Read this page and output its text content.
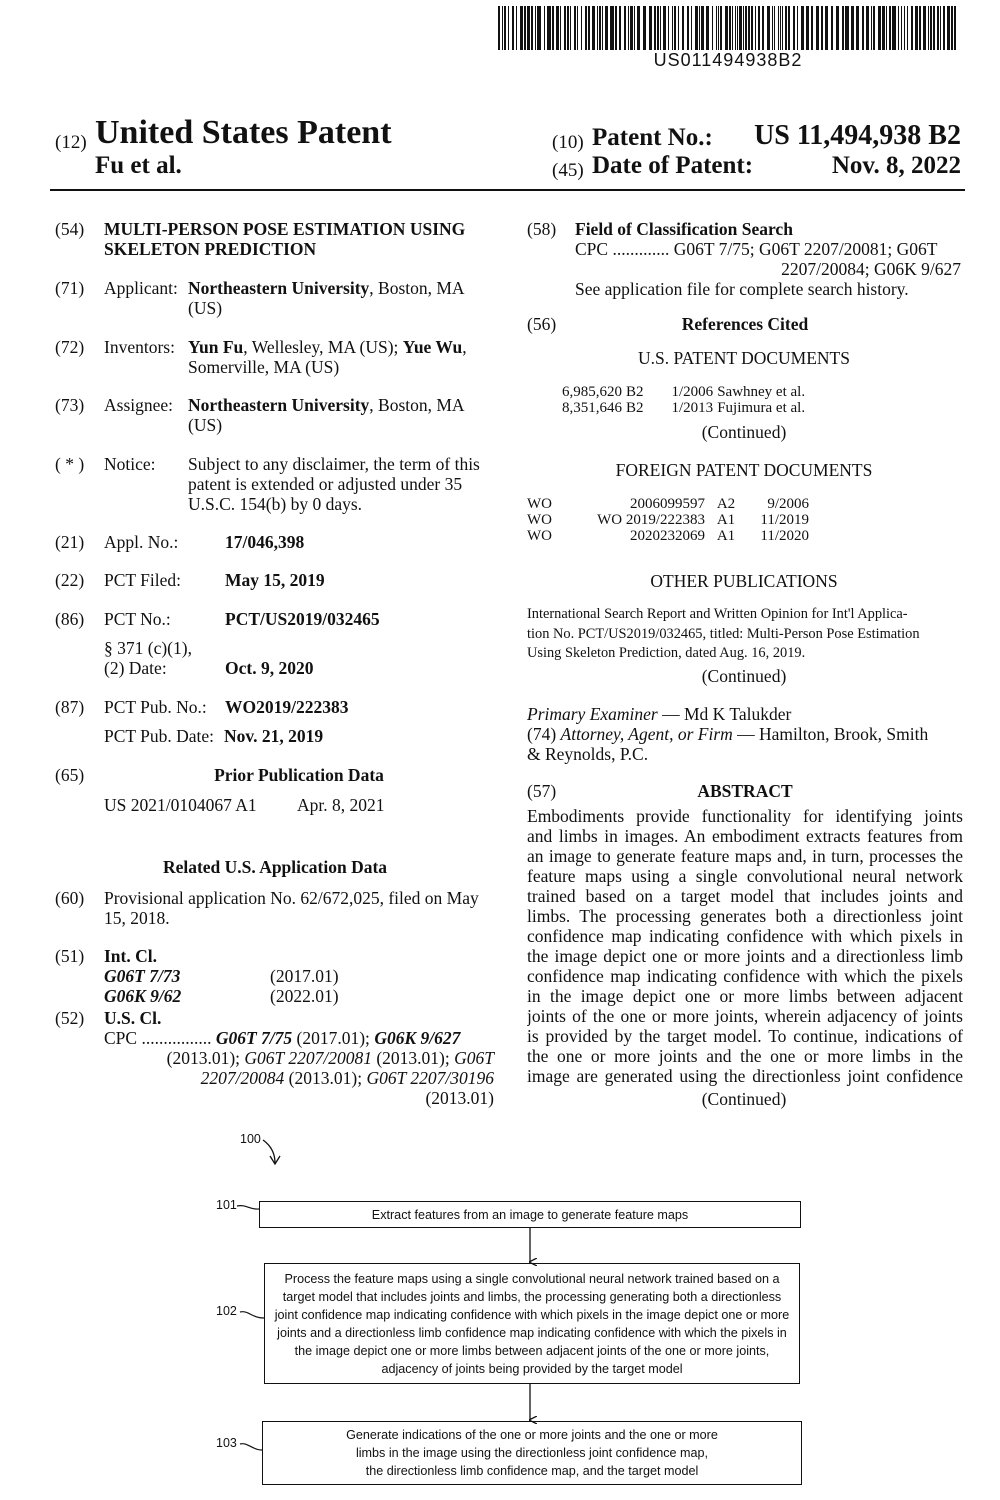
US011494938B2
(12) United States Patent
Fu et al.
(10) Patent No.: US 11,494,938 B2
(45) Date of Patent:	Nov. 8, 2022
(54)	MULTI-PERSON POSE ESTIMATION USING
SKELETON PREDICTION
(71)	Applicant: Northeastern University, Boston, MA
(US)
(72)	Inventors: Yun Fu, Wellesley, MA (US); Yue Wu,
Somerville, MA (US)
(73)	Assignee: Northeastern University, Boston, MA
(US)
( * )	Notice: Subject to any disclaimer, the term of this
patent is extended or adjusted under 35
U.S.C. 154(b) by 0 days.
(21)	Appl. No.:	17/046,398
(22)	PCT Filed:	May 15, 2019
(86)	PCT No.:	PCT/US2019/032465
§ 371 (c)(1),
(2) Date:	Oct. 9, 2020
(87)	PCT Pub. No.: WO2019/222383
PCT Pub. Date: Nov. 21, 2019
(65)	Prior Publication Data
US 2021/0104067 A1 Apr. 8, 2021
Related U.S. Application Data
(60)	Provisional application No. 62/672,025, filed on May
15, 2018.
(51)	Int. Cl.
G06T 7/73	(2017.01)
G06K 9/62	(2022.01)
(52)	U.S. Cl.
CPC ................ G06T 7/75 (2017.01); G06K 9/627
(2013.01); G06T 2207/20081 (2013.01); G06T
2207/20084 (2013.01); G06T 2207/30196
(2013.01)
(58) Field of Classification Search
CPC ............. G06T 7/75; G06T 2207/20081; G06T
2207/20084; G06K 9/627
See application file for complete search history.
(56)	References Cited
U.S. PATENT DOCUMENTS
6,985,620	B2	1/2006	Sawhney et al.
8,351,646	B2	1/2013	Fujimura et al.
(Continued)
FOREIGN PATENT DOCUMENTS
WO	2006099597	A2	9/2006
WO	WO 2019/222383	A1	11/2019
WO	2020232069	A1	11/2020
OTHER PUBLICATIONS
International Search Report and Written Opinion for Int'l Applica-
tion No. PCT/US2019/032465, titled: Multi-Person Pose Estimation
Using Skeleton Prediction, dated Aug. 16, 2019.
(Continued)
Primary Examiner — Md K Talukder
(74) Attorney, Agent, or Firm — Hamilton, Brook, Smith
& Reynolds, P.C.
(57)	ABSTRACT
Embodiments provide functionality for identifying joints
and limbs in images. An embodiment extracts features from
an image to generate feature maps and, in turn, processes the
feature maps using a single convolutional neural network
trained based on a target model that includes joints and
limbs. The processing generates both a directionless joint
confidence map indicating confidence with which pixels in
the image depict one or more joints and a directionless limb
confidence map indicating confidence with which the pixels
in the image depict one or more limbs between adjacent
joints of the one or more joints, wherein adjacency of joints
is provided by the target model. To continue, indications of
the one or more joints and the one or more limbs in the
image are generated using the directionless joint confidence
(Continued)
100
101
102
103
Extract features from an image to generate feature maps
Process the feature maps using a single convolutional neural network trained based on a
target model that includes joints and limbs, the processing generating both a directionless
joint confidence map indicating confidence with which pixels in the image depict one or more
joints and a directionless limb confidence map indicating confidence with which the pixels in
the image depict one or more limbs between adjacent joints of the one or more joints,
adjacency of joints being provided by the target model
Generate indications of the one or more joints and the one or more
limbs in the image using the directionless joint confidence map,
the directionless limb confidence map, and the target model
